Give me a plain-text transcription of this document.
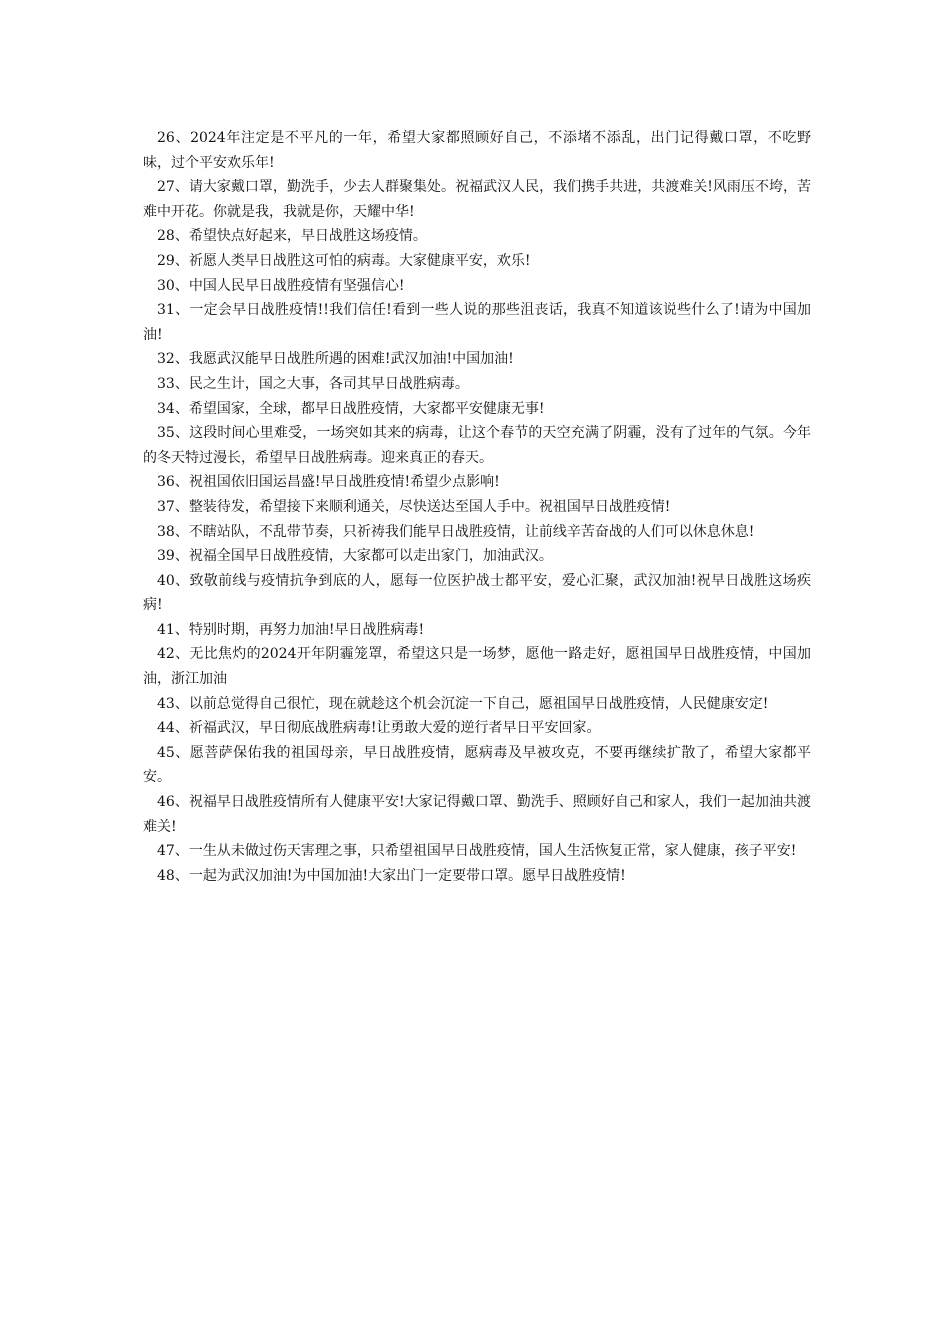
26、2024年注定是不平凡的一年，希望大家都照顾好自己，不添堵不添乱，出门记得戴口罩，不吃野味，过个平安欢乐年!

27、请大家戴口罩，勤洗手，少去人群聚集处。祝福武汉人民，我们携手共进，共渡难关!风雨压不垮，苦难中开花。你就是我，我就是你，天耀中华!

28、希望快点好起来，早日战胜这场疫情。

29、祈愿人类早日战胜这可怕的病毒。大家健康平安，欢乐!

30、中国人民早日战胜疫情有坚强信心!

31、一定会早日战胜疫情!!我们信任!看到一些人说的那些沮丧话，我真不知道该说些什么了!请为中国加油!

32、我愿武汉能早日战胜所遇的困难!武汉加油!中国加油!

33、民之生计，国之大事，各司其早日战胜病毒。

34、希望国家，全球，都早日战胜疫情，大家都平安健康无事!

35、这段时间心里难受，一场突如其来的病毒，让这个春节的天空充满了阴霾，没有了过年的气氛。今年的冬天特过漫长，希望早日战胜病毒。迎来真正的春天。

36、祝祖国依旧国运昌盛!早日战胜疫情!希望少点影响!

37、整装待发，希望接下来顺利通关，尽快送达至国人手中。祝祖国早日战胜疫情!

38、不瞎站队，不乱带节奏，只祈祷我们能早日战胜疫情，让前线辛苦奋战的人们可以休息休息!

39、祝福全国早日战胜疫情，大家都可以走出家门，加油武汉。

40、致敬前线与疫情抗争到底的人，愿每一位医护战士都平安，爱心汇聚，武汉加油!祝早日战胜这场疾病!

41、特别时期，再努力加油!早日战胜病毒!

42、无比焦灼的2024开年阴霾笼罩，希望这只是一场梦，愿他一路走好，愿祖国早日战胜疫情，中国加油，浙江加油

43、以前总觉得自己很忙，现在就趁这个机会沉淀一下自己，愿祖国早日战胜疫情，人民健康安定!

44、祈福武汉，早日彻底战胜病毒!让勇敢大爱的逆行者早日平安回家。

45、愿菩萨保佑我的祖国母亲，早日战胜疫情，愿病毒及早被攻克，不要再继续扩散了，希望大家都平安。

46、祝福早日战胜疫情所有人健康平安!大家记得戴口罩、勤洗手、照顾好自己和家人，我们一起加油共渡难关!

47、一生从未做过伤天害理之事，只希望祖国早日战胜疫情，国人生活恢复正常，家人健康，孩子平安!

48、一起为武汉加油!为中国加油!大家出门一定要带口罩。愿早日战胜疫情!
